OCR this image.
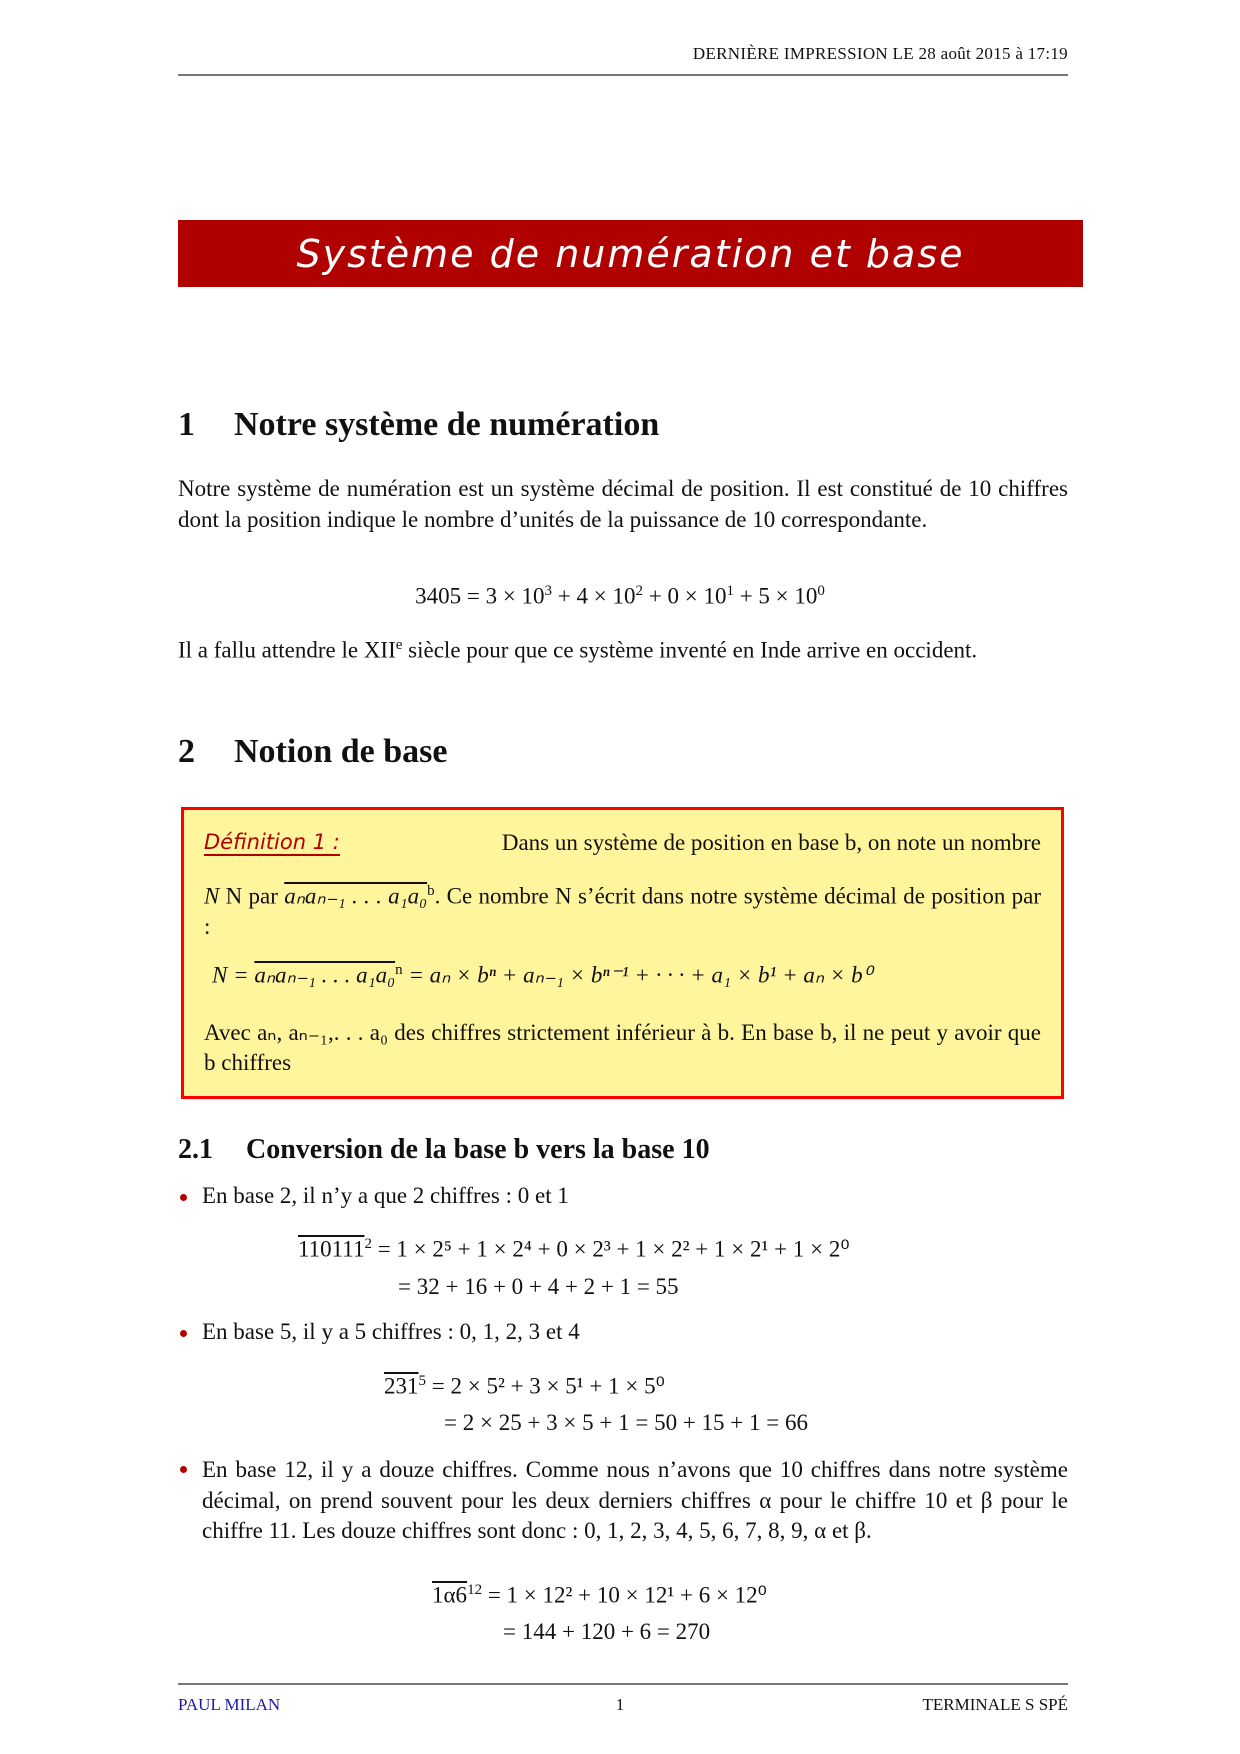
DERNIÈRE IMPRESSION LE 28 août 2015 à 17:19
Système de numération et base
1 Notre système de numération
Notre système de numération est un système décimal de position. Il est constitué de 10 chiffres dont la position indique le nombre d’unités de la puissance de 10 correspondante.
$3405 = 3 \times 10^3 + 4 \times 10^2 + 0 \times 10^1 + 5 \times 10^0$
Il a fallu attendre le XIIe siècle pour que ce système inventé en Inde arrive en occident.
2 Notion de base
Définition 1 :	Dans un système de position en base b, on note un nombre
N N par aₙaₙ₋₁ . . . a₁a₀$^b$. Ce nombre N s’écrit dans notre système décimal de position par :
N = aₙaₙ₋₁ . . . a₁a₀$^n$ = aₙ × bⁿ + aₙ₋₁ × bⁿ⁻¹ + · · · + a₁ × b¹ + aₙ × b⁰
Avec aₙ, aₙ₋₁,. . . a₀ des chiffres strictement inférieur à b. En base b, il ne peut y avoir que b chiffres
2.1 Conversion de la base b vers la base 10
En base 2, il n’y a que 2 chiffres : 0 et 1
$110111^2 = 1 \times 2^5 + 1 \times 2^4 + 0 \times 2^3 + 1 \times 2^2 + 1 \times 2^1 + 1 \times 2^0$
= 32 + 16 + 0 + 4 + 2 + 1 = 55
En base 5, il y a 5 chiffres : 0, 1, 2, 3 et 4
$231^5 = 2 \times 5^2 + 3 \times 5^1 + 1 \times 5^0$
= 2 × 25 + 3 × 5 + 1 = 50 + 15 + 1 = 66
En base 12, il y a douze chiffres. Comme nous n’avons que 10 chiffres dans notre système décimal, on prend souvent pour les deux derniers chiffres α pour le chiffre 10 et β pour le chiffre 11. Les douze chiffres sont donc : 0, 1, 2, 3, 4, 5, 6, 7, 8, 9, α et β.
$1\alpha 6^{12} = 1 \times 12^2 + 10 \times 12^1 + 6 \times 12^0$
= 144 + 120 + 6 = 270
PAUL MILAN	1	TERMINALE S SPÉ
